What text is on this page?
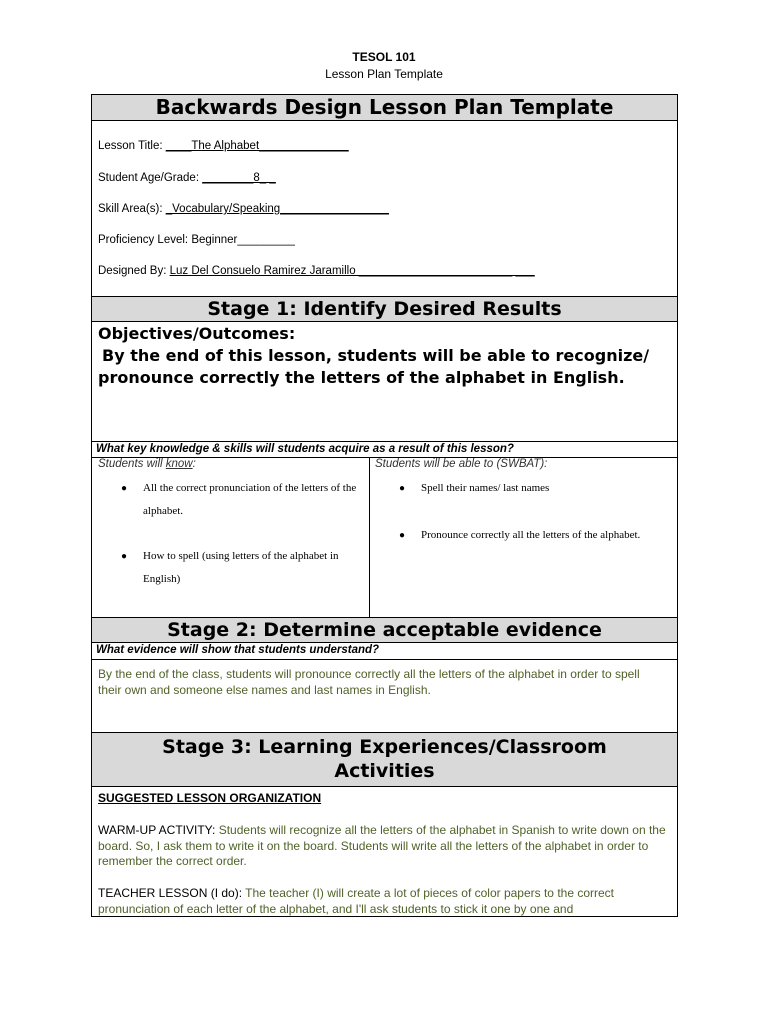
TESOL 101
Lesson Plan Template
Backwards Design Lesson Plan Template
Lesson Title: ____The Alphabet______________
Student Age/Grade: ________8_ _
Skill Area(s): _Vocabulary/Speaking_________________
Proficiency Level: Beginner_________
Designed By: Luz Del Consuelo Ramirez Jaramillo ________________________ ___
Stage 1: Identify Desired Results
Objectives/Outcomes:
By the end of this lesson, students will be able to recognize/ pronounce correctly the letters of the alphabet in English.
What key knowledge & skills will students acquire as a result of this lesson?
Students will know:	Students will be able to (SWBAT):
● All the correct pronunciation of the letters of the alphabet.
● How to spell (using letters of the alphabet in English)
● Spell their names/ last names
● Pronounce correctly all the letters of the alphabet.
Stage 2: Determine acceptable evidence
What evidence will show that students understand?
By the end of the class, students will pronounce correctly all the letters of the alphabet in order to spell their own and someone else names and last names in English.
Stage 3: Learning Experiences/Classroom
Activities
SUGGESTED LESSON ORGANIZATION
WARM-UP ACTIVITY: Students will recognize all the letters of the alphabet in Spanish to write down on the board. So, I ask them to write it on the board. Students will write all the letters of the alphabet in order to remember the correct order.
TEACHER LESSON (I do): The teacher (I) will create a lot of pieces of color papers to the correct pronunciation of each letter of the alphabet, and I'll ask students to stick it one by one and
